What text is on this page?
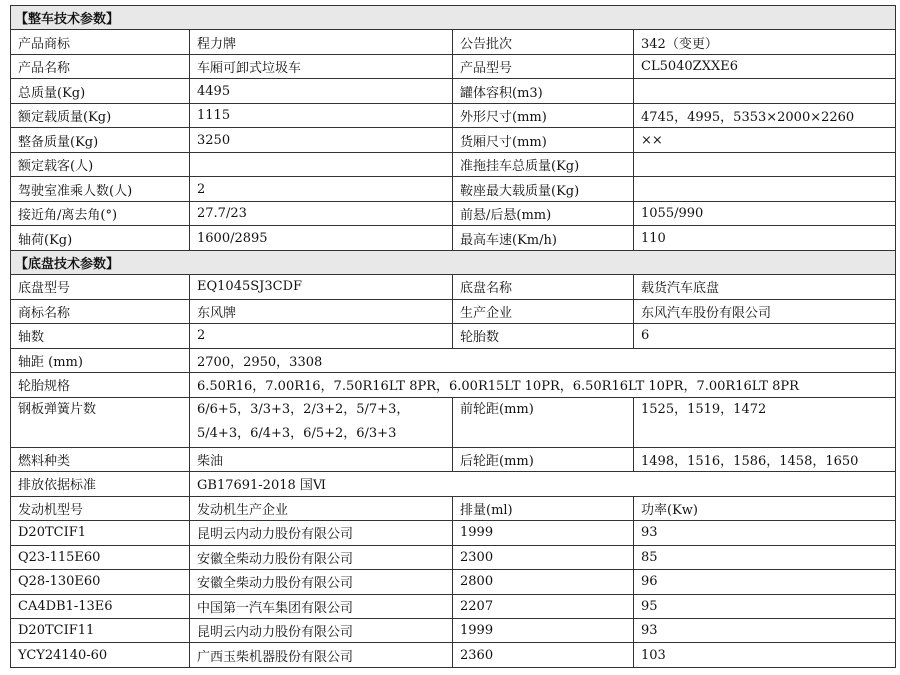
【整车技术参数】			
产品商标	程力牌	公告批次	342（变更）
产品名称	车厢可卸式垃圾车	产品型号	CL5040ZXXE6
总质量(Kg)	4495	罐体容积(m3)	
额定载质量(Kg)	1115	外形尺寸(mm)	4745，4995，5353×2000×2260
整备质量(Kg)	3250	货厢尺寸(mm)	××
额定载客(人)		准拖挂车总质量(Kg)	
驾驶室准乘人数(人)	2	鞍座最大载质量(Kg)	
接近角/离去角(°)	27.7/23	前悬/后悬(mm)	1055/990
轴荷(Kg)	1600/2895	最高车速(Km/h)	110
【底盘技术参数】			
底盘型号	EQ1045SJ3CDF	底盘名称	载货汽车底盘
商标名称	东风牌	生产企业	东风汽车股份有限公司
轴数	2	轮胎数	6
轴距 (mm)	2700，2950，3308		
轮胎规格	6.50R16，7.00R16，7.50R16LT 8PR，6.00R15LT 10PR，6.50R16LT 10PR，7.00R16LT 8PR		
钢板弹簧片数	6/6+5，3/3+3，2/3+2，5/7+3，5/4+3，6/4+3，6/5+2，6/3+3	前轮距(mm)	1525，1519，1472
燃料种类	柴油	后轮距(mm)	1498，1516，1586，1458，1650
排放依据标准	GB17691-2018 国Ⅵ		
发动机型号	发动机生产企业	排量(ml)	功率(Kw)
D20TCIF1	昆明云内动力股份有限公司	1999	93
Q23-115E60	安徽全柴动力股份有限公司	2300	85
Q28-130E60	安徽全柴动力股份有限公司	2800	96
CA4DB1-13E6	中国第一汽车集团有限公司	2207	95
D20TCIF11	昆明云内动力股份有限公司	1999	93
YCY24140-60	广西玉柴机器股份有限公司	2360	103
